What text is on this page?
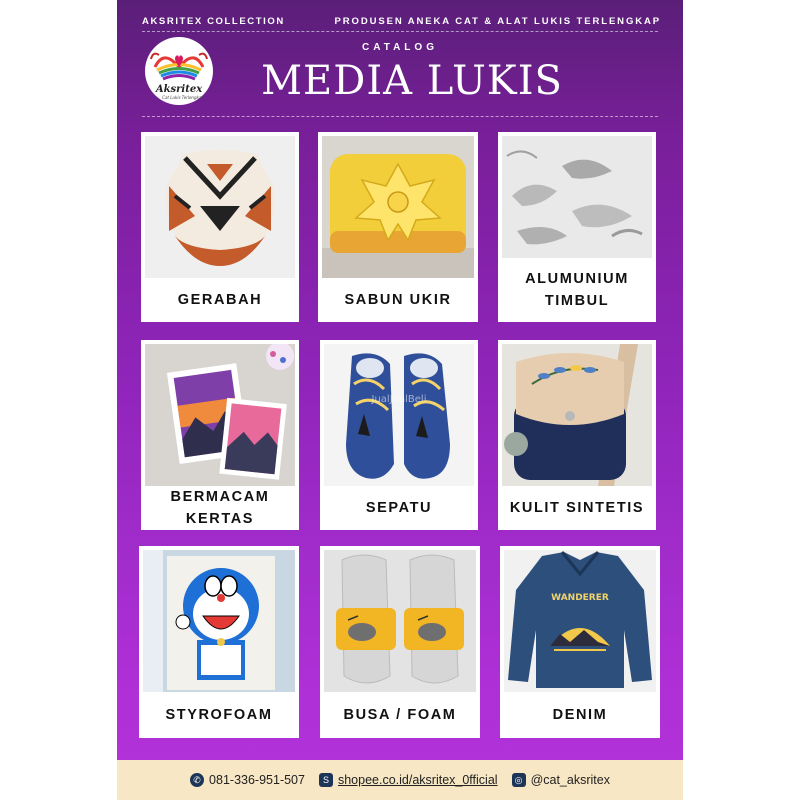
AKSRITEX COLLECTION	PRODUSEN ANEKA CAT & ALAT LUKIS TERLENGKAP
Aksritex
Cat Lukis Terlengkap
CATALOG
MEDIA LUKIS
GERABAH	SABUN UKIR
ALUMUNIUM TIMBUL
BERMACAM KERTAS
JualJualBeli
SEPATU	KULIT SINTETIS
STYROFOAM	BUSA / FOAM
WANDERER
DENIM
✆ 081-336-951-507	S shopee.co.id/aksritex_0fficial	◎ @cat_aksritex
